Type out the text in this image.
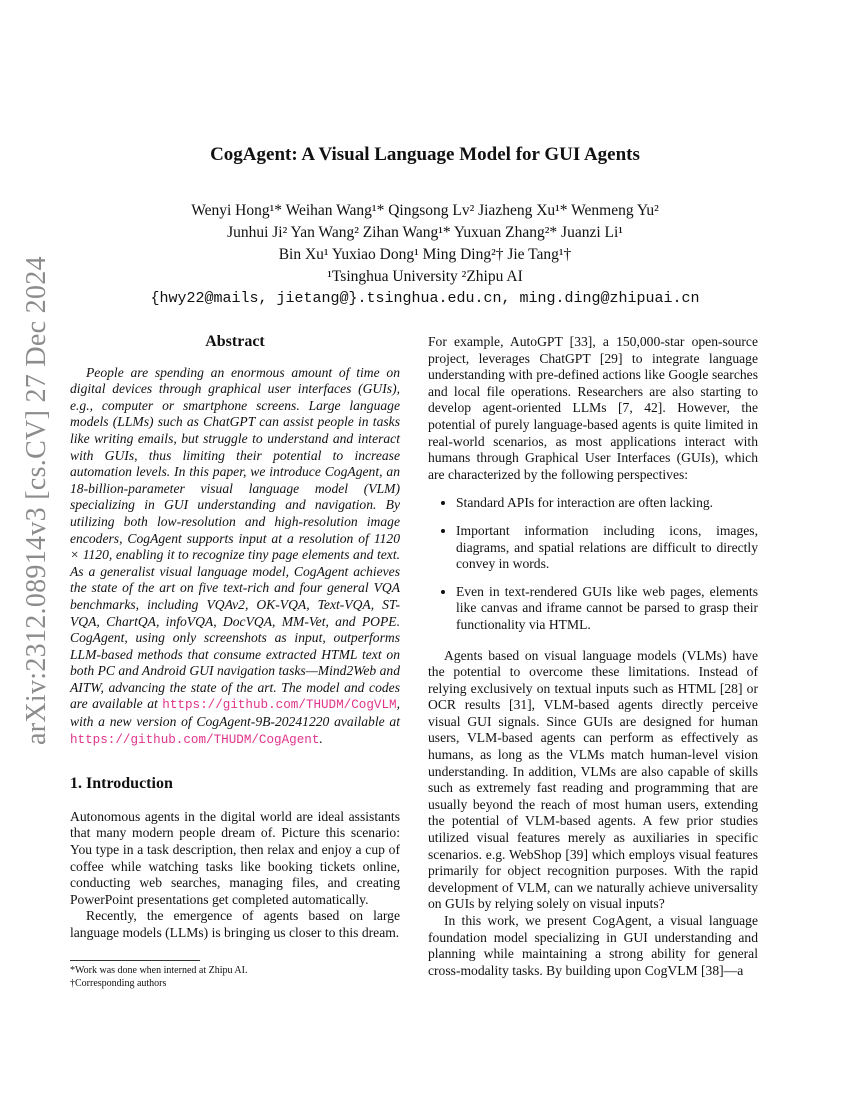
arXiv:2312.08914v3 [cs.CV] 27 Dec 2024
CogAgent: A Visual Language Model for GUI Agents
Wenyi Hong¹* Weihan Wang¹* Qingsong Lv² Jiazheng Xu¹* Wenmeng Yu²
Junhui Ji² Yan Wang² Zihan Wang¹* Yuxuan Zhang²* Juanzi Li¹
Bin Xu¹ Yuxiao Dong¹ Ming Ding²† Jie Tang¹†
¹Tsinghua University ²Zhipu AI
{hwy22@mails, jietang@}.tsinghua.edu.cn, ming.ding@zhipuai.cn
Abstract

People are spending an enormous amount of time on digital devices through graphical user interfaces (GUIs), e.g., computer or smartphone screens. Large language models (LLMs) such as ChatGPT can assist people in tasks like writing emails, but struggle to understand and interact with GUIs, thus limiting their potential to increase automation levels. In this paper, we introduce CogAgent, an 18-billion-parameter visual language model (VLM) specializing in GUI understanding and navigation. By utilizing both low-resolution and high-resolution image encoders, CogAgent supports input at a resolution of 1120 × 1120, enabling it to recognize tiny page elements and text. As a generalist visual language model, CogAgent achieves the state of the art on five text-rich and four general VQA benchmarks, including VQAv2, OK-VQA, Text-VQA, ST-VQA, ChartQA, infoVQA, DocVQA, MM-Vet, and POPE. CogAgent, using only screenshots as input, outperforms LLM-based methods that consume extracted HTML text on both PC and Android GUI navigation tasks—Mind2Web and AITW, advancing the state of the art. The model and codes are available at https://github.com/THUDM/CogVLM, with a new version of CogAgent-9B-20241220 available at https://github.com/THUDM/CogAgent.

1. Introduction

Autonomous agents in the digital world are ideal assistants that many modern people dream of. Picture this scenario: You type in a task description, then relax and enjoy a cup of coffee while watching tasks like booking tickets online, conducting web searches, managing files, and creating PowerPoint presentations get completed automatically.

Recently, the emergence of agents based on large language models (LLMs) is bringing us closer to this dream.

*Work was done when interned at Zhipu AI.
†Corresponding authors

For example, AutoGPT [33], a 150,000-star open-source project, leverages ChatGPT [29] to integrate language understanding with pre-defined actions like Google searches and local file operations. Researchers are also starting to develop agent-oriented LLMs [7, 42]. However, the potential of purely language-based agents is quite limited in real-world scenarios, as most applications interact with humans through Graphical User Interfaces (GUIs), which are characterized by the following perspectives:

• Standard APIs for interaction are often lacking.
• Important information including icons, images, diagrams, and spatial relations are difficult to directly convey in words.
• Even in text-rendered GUIs like web pages, elements like canvas and iframe cannot be parsed to grasp their functionality via HTML.

Agents based on visual language models (VLMs) have the potential to overcome these limitations. Instead of relying exclusively on textual inputs such as HTML [28] or OCR results [31], VLM-based agents directly perceive visual GUI signals. Since GUIs are designed for human users, VLM-based agents can perform as effectively as humans, as long as the VLMs match human-level vision understanding. In addition, VLMs are also capable of skills such as extremely fast reading and programming that are usually beyond the reach of most human users, extending the potential of VLM-based agents. A few prior studies utilized visual features merely as auxiliaries in specific scenarios. e.g. WebShop [39] which employs visual features primarily for object recognition purposes. With the rapid development of VLM, can we naturally achieve universality on GUIs by relying solely on visual inputs?

In this work, we present CogAgent, a visual language foundation model specializing in GUI understanding and planning while maintaining a strong ability for general cross-modality tasks. By building upon CogVLM [38]—a
